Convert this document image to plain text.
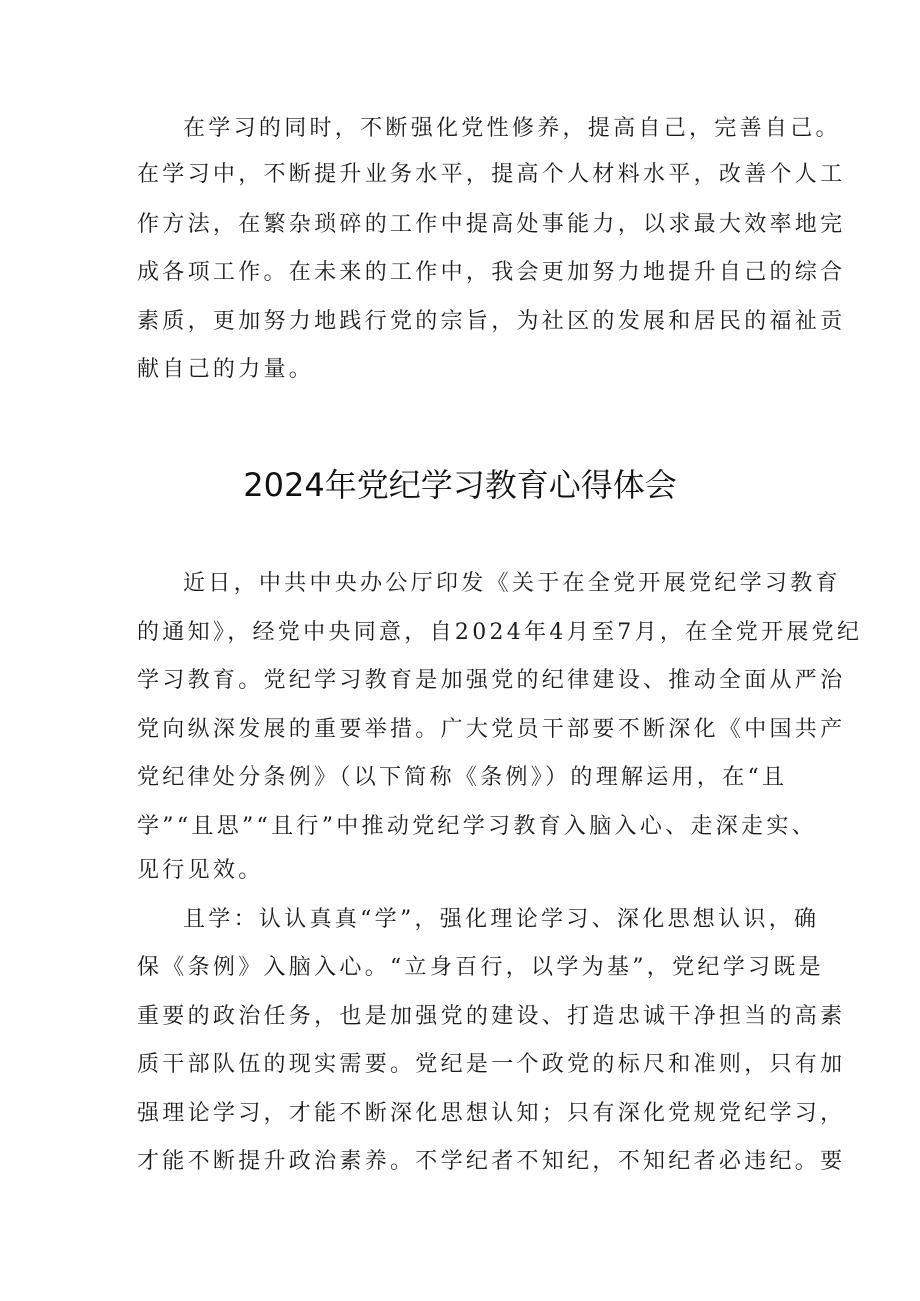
在学习的同时，不断强化党性修养，提高自己，完善自己。
在学习中，不断提升业务水平，提高个人材料水平，改善个人工
作方法，在繁杂琐碎的工作中提高处事能力，以求最大效率地完
成各项工作。在未来的工作中，我会更加努力地提升自己的综合
素质，更加努力地践行党的宗旨，为社区的发展和居民的福祉贡
献自己的力量。
2024年党纪学习教育心得体会
近日，中共中央办公厅印发《关于在全党开展党纪学习教育
的通知》，经党中央同意，自2024年4月至7月，在全党开展党纪
学习教育。党纪学习教育是加强党的纪律建设、推动全面从严治
党向纵深发展的重要举措。广大党员干部要不断深化《中国共产
党纪律处分条例》（以下简称《条例》）的理解运用，在“且
学”“且思”“且行”中推动党纪学习教育入脑入心、走深走实、
见行见效。
且学：认认真真“学”，强化理论学习、深化思想认识，确
保《条例》入脑入心。“立身百行，以学为基”，党纪学习既是
重要的政治任务，也是加强党的建设、打造忠诚干净担当的高素
质干部队伍的现实需要。党纪是一个政党的标尺和准则，只有加
强理论学习，才能不断深化思想认知；只有深化党规党纪学习，
才能不断提升政治素养。不学纪者不知纪，不知纪者必违纪。要
